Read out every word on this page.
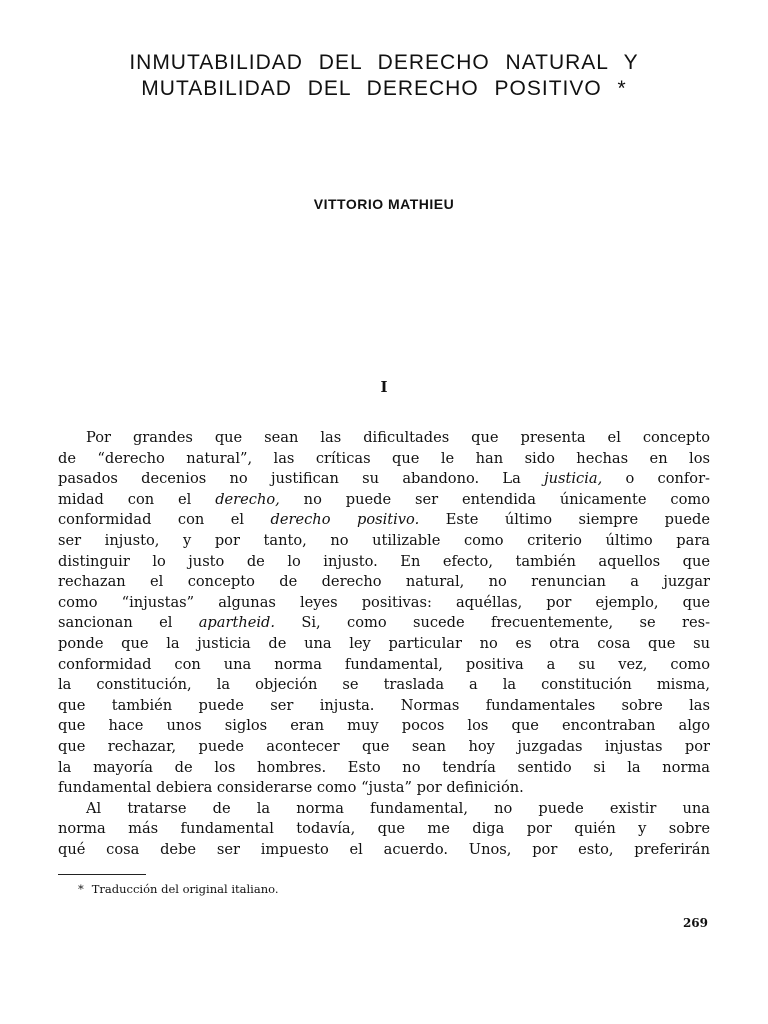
INMUTABILIDAD DEL DERECHO NATURAL Y
MUTABILIDAD DEL DERECHO POSITIVO *
VITTORIO MATHIEU
I
Por grandes que sean las dificultades que presenta el concepto
de “derecho natural”, las críticas que le han sido hechas en los
pasados decenios no justifican su abandono. La justicia, o confor-
midad con el derecho, no puede ser entendida únicamente como
conformidad con el derecho positivo. Este último siempre puede
ser injusto, y por tanto, no utilizable como criterio último para
distinguir lo justo de lo injusto. En efecto, también aquellos que
rechazan el concepto de derecho natural, no renuncian a juzgar
como “injustas” algunas leyes positivas: aquéllas, por ejemplo, que
sancionan el apartheid. Si, como sucede frecuentemente, se res-
ponde que la justicia de una ley particular no es otra cosa que su
conformidad con una norma fundamental, positiva a su vez, como
la constitución, la objeción se traslada a la constitución misma,
que también puede ser injusta. Normas fundamentales sobre las
que hace unos siglos eran muy pocos los que encontraban algo
que rechazar, puede acontecer que sean hoy juzgadas injustas por
la mayoría de los hombres. Esto no tendría sentido si la norma
fundamental debiera considerarse como “justa” por definición.
Al tratarse de la norma fundamental, no puede existir una
norma más fundamental todavía, que me diga por quién y sobre
qué cosa debe ser impuesto el acuerdo. Unos, por esto, preferirán
* Traducción del original italiano.
269
